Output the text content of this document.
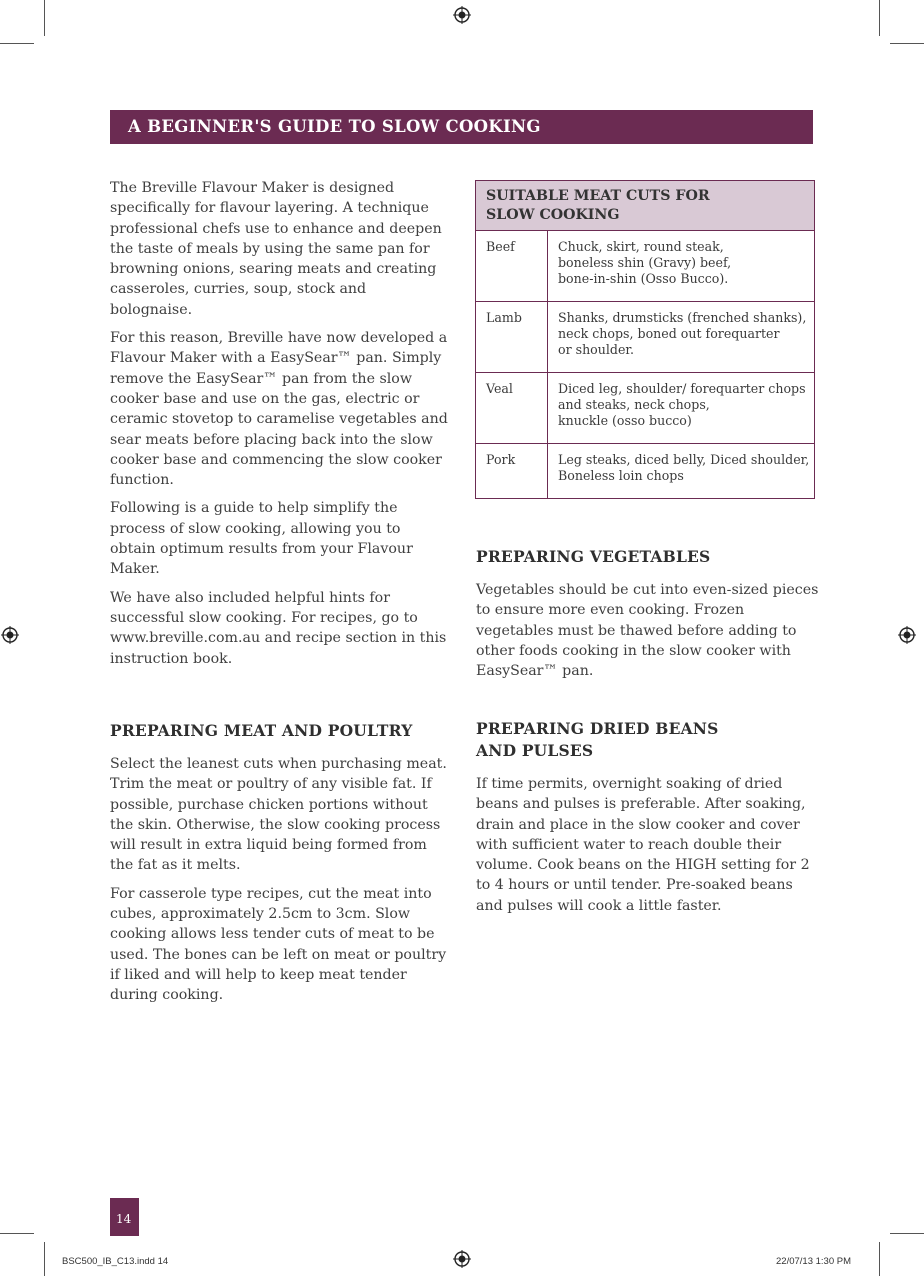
A BEGINNER'S GUIDE TO SLOW COOKING

The Breville Flavour Maker is designed specifically for flavour layering. A technique professional chefs use to enhance and deepen the taste of meals by using the same pan for browning onions, searing meats and creating casseroles, curries, soup, stock and bolognaise.

For this reason, Breville have now developed a Flavour Maker with a EasySear™ pan. Simply remove the EasySear™ pan from the slow cooker base and use on the gas, electric or ceramic stovetop to caramelise vegetables and sear meats before placing back into the slow cooker base and commencing the slow cooker function.

Following is a guide to help simplify the process of slow cooking, allowing you to obtain optimum results from your Flavour Maker.

We have also included helpful hints for successful slow cooking. For recipes, go to www.breville.com.au and recipe section in this instruction book.

PREPARING MEAT AND POULTRY

Select the leanest cuts when purchasing meat. Trim the meat or poultry of any visible fat. If possible, purchase chicken portions without the skin. Otherwise, the slow cooking process will result in extra liquid being formed from the fat as it melts.

For casserole type recipes, cut the meat into cubes, approximately 2.5cm to 3cm. Slow cooking allows less tender cuts of meat to be used. The bones can be left on meat or poultry if liked and will help to keep meat tender during cooking.

SUITABLE MEAT CUTS FOR
SLOW COOKING	
Beef	Chuck, skirt, round steak,
boneless shin (Gravy) beef,
bone-in-shin (Osso Bucco).
Lamb	Shanks, drumsticks (frenched shanks),
neck chops, boned out forequarter
or shoulder.
Veal	Diced leg, shoulder/ forequarter chops
and steaks, neck chops,
knuckle (osso bucco)
Pork	Leg steaks, diced belly, Diced shoulder,
Boneless loin chops
PREPARING VEGETABLES

Vegetables should be cut into even-sized pieces to ensure more even cooking. Frozen vegetables must be thawed before adding to other foods cooking in the slow cooker with EasySear™ pan.

PREPARING DRIED BEANS
AND PULSES

If time permits, overnight soaking of dried beans and pulses is preferable. After soaking, drain and place in the slow cooker and cover with sufficient water to reach double their volume. Cook beans on the HIGH setting for 2 to 4 hours or until tender. Pre-soaked beans and pulses will cook a little faster.

14
BSC500_IB_C13.indd 14	22/07/13 1:30 PM
